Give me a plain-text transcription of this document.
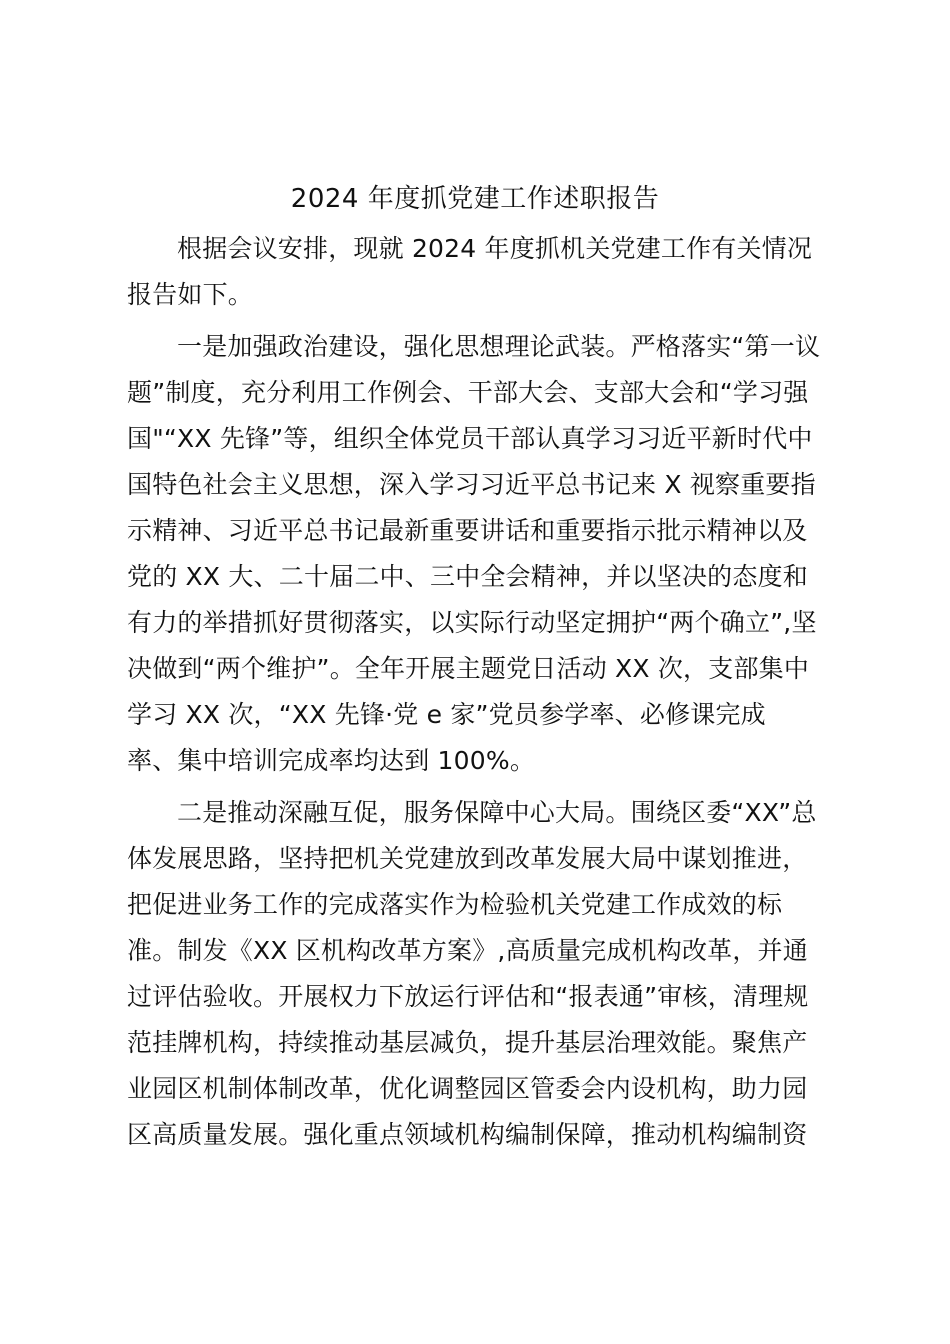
2024 年度抓党建工作述职报告
根据会议安排，现就 2024 年度抓机关党建工作有关情况
报告如下。
一是加强政治建设，强化思想理论武装。严格落实“第一议
题”制度，充分利用工作例会、干部大会、支部大会和“学习强
国"“XX 先锋”等，组织全体党员干部认真学习习近平新时代中
国特色社会主义思想，深入学习习近平总书记来 X 视察重要指
示精神、习近平总书记最新重要讲话和重要指示批示精神以及
党的 XX 大、二十届二中、三中全会精神，并以坚决的态度和
有力的举措抓好贯彻落实，以实际行动坚定拥护“两个确立”,坚
决做到“两个维护”。全年开展主题党日活动 XX 次，支部集中
学习 XX 次，“XX 先锋·党 e 家”党员参学率、必修课完成
率、集中培训完成率均达到 100%。
二是推动深融互促，服务保障中心大局。围绕区委“XX”总
体发展思路，坚持把机关党建放到改革发展大局中谋划推进，
把促进业务工作的完成落实作为检验机关党建工作成效的标
准。制发《XX 区机构改革方案》,高质量完成机构改革，并通
过评估验收。开展权力下放运行评估和“报表通”审核，清理规
范挂牌机构，持续推动基层减负，提升基层治理效能。聚焦产
业园区机制体制改革，优化调整园区管委会内设机构，助力园
区高质量发展。强化重点领域机构编制保障，推动机构编制资
